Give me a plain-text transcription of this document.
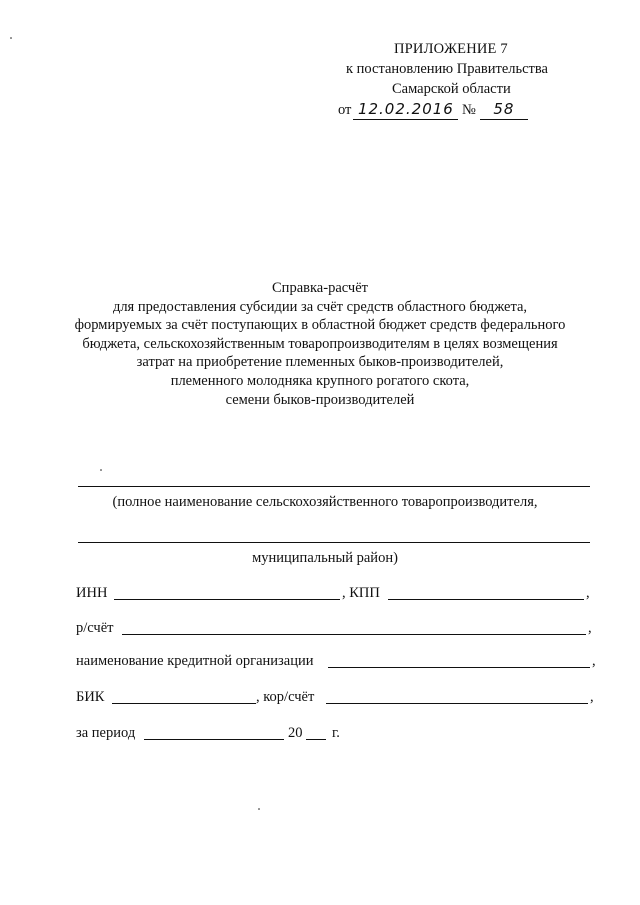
ПРИЛОЖЕНИЕ 7
к постановлению Правительства
Самарской области
от 12.02.2016 № 58
Справка-расчёт
для предоставления субсидии за счёт средств областного бюджета,
формируемых за счёт поступающих в областной бюджет средств федерального
бюджета, сельскохозяйственным товаропроизводителям в целях возмещения
затрат на приобретение племенных быков-производителей,
племенного молодняка крупного рогатого скота,
семени быков-производителей
(полное наименование сельскохозяйственного товаропроизводителя,
муниципальный район)
ИНН	, КПП	,
р/счёт	,
наименование кредитной организации	,
БИК	, кор/счёт	,
за период	20 г.
